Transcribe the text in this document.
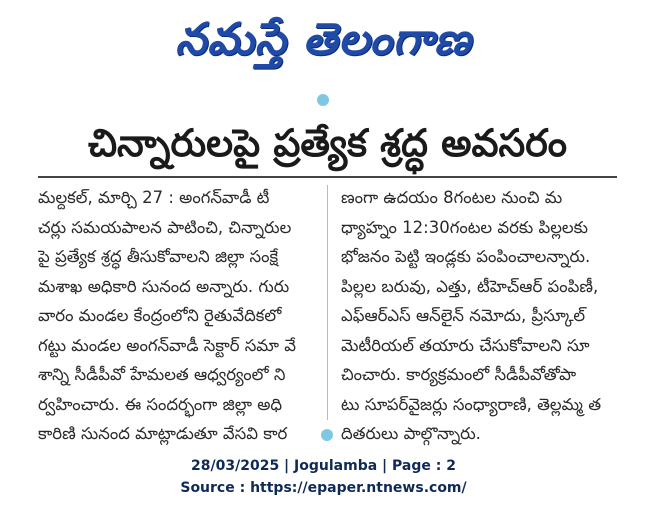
నమస్తే తెలంగాణ
చిన్నారులపై ప్రత్యేక శ్రద్ధ అవసరం
మల్దకల్, మార్చి 27 : అంగన్‌వాడీ టీ
చర్లు సమయపాలన పాటించి, చిన్నారుల
పై ప్రత్యేక శ్రద్ధ తీసుకోవాలని జిల్లా సంక్షే
మశాఖ అధికారి సునంద అన్నారు. గురు
వారం మండల కేంద్రంలోని రైతువేదికలో
గట్టు మండల అంగన్‌వాడీ సెక్టార్ సమా వే
శాన్ని సీడీపీవో హేమలత ఆధ్వర్యంలో ని
ర్వహించారు. ఈ సందర్భంగా జిల్లా అధి
కారిణి సునంద మాట్లాడుతూ వేసవి కార
ణంగా ఉదయం 8గంటల నుంచి మ
ధ్యాహ్నం 12:30గంటల వరకు పిల్లలకు
భోజనం పెట్టి ఇండ్లకు పంపించాలన్నారు.
పిల్లల బరువు, ఎత్తు, టీహెచ్‌ఆర్ పంపిణీ,
ఎఫ్ఆర్ఎస్ ఆన్‌లైన్ నమోదు, ప్రీస్కూల్
మెటీరియల్ తయారు చేసుకోవాలని సూ
చించారు. కార్యక్రమంలో సీడీపీవోతోపా
టు సూపర్‌వైజర్లు సంధ్యారాణి, తెల్లమ్మ త
దితరులు పాల్గొన్నారు.
28/03/2025 | Jogulamba | Page : 2
Source : https://epaper.ntnews.com/
